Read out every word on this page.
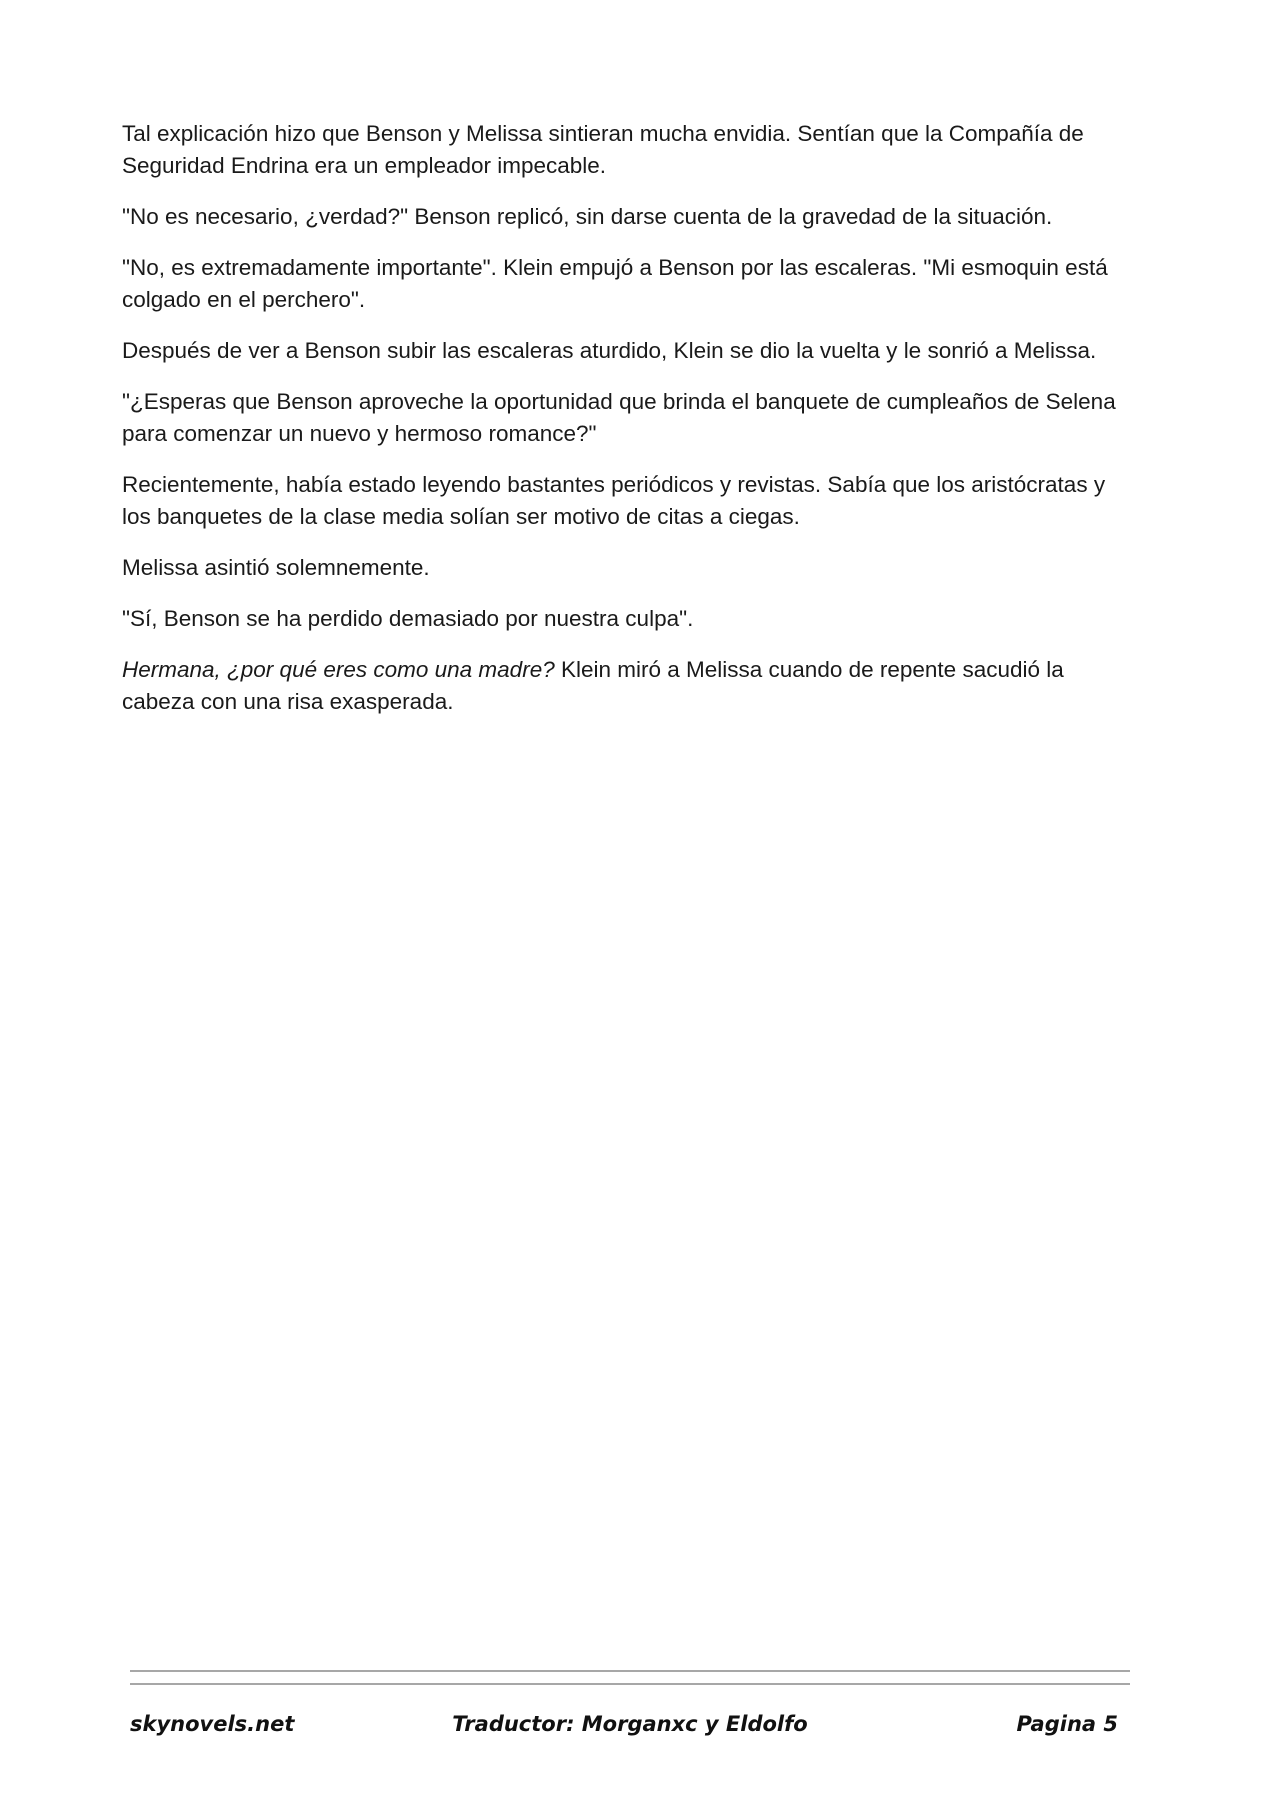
Tal explicación hizo que Benson y Melissa sintieran mucha envidia. Sentían que la Compañía de Seguridad Endrina era un empleador impecable.

"No es necesario, ¿verdad?" Benson replicó, sin darse cuenta de la gravedad de la situación.

"No, es extremadamente importante". Klein empujó a Benson por las escaleras. "Mi esmoquin está colgado en el perchero".

Después de ver a Benson subir las escaleras aturdido, Klein se dio la vuelta y le sonrió a Melissa.

"¿Esperas que Benson aproveche la oportunidad que brinda el banquete de cumpleaños de Selena para comenzar un nuevo y hermoso romance?"

Recientemente, había estado leyendo bastantes periódicos y revistas. Sabía que los aristócratas y los banquetes de la clase media solían ser motivo de citas a ciegas.

Melissa asintió solemnemente.

"Sí, Benson se ha perdido demasiado por nuestra culpa".

Hermana, ¿por qué eres como una madre? Klein miró a Melissa cuando de repente sacudió la cabeza con una risa exasperada.

skynovels.net	Traductor: Morganxc y Eldolfo	Pagina 5
